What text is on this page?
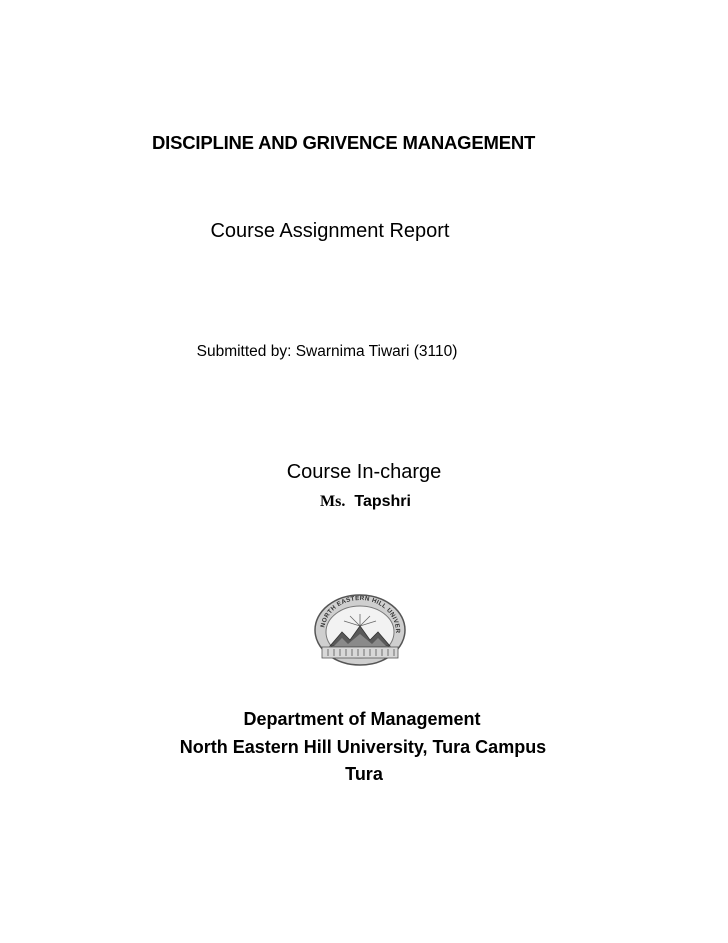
DISCIPLINE AND GRIVENCE MANAGEMENT
Course Assignment Report
Submitted by: Swarnima Tiwari (3110)
Course In-charge
Ms. Tapshri
NORTH EASTERN HILL UNIVER
Department of Management
North Eastern Hill University, Tura Campus
Tura
